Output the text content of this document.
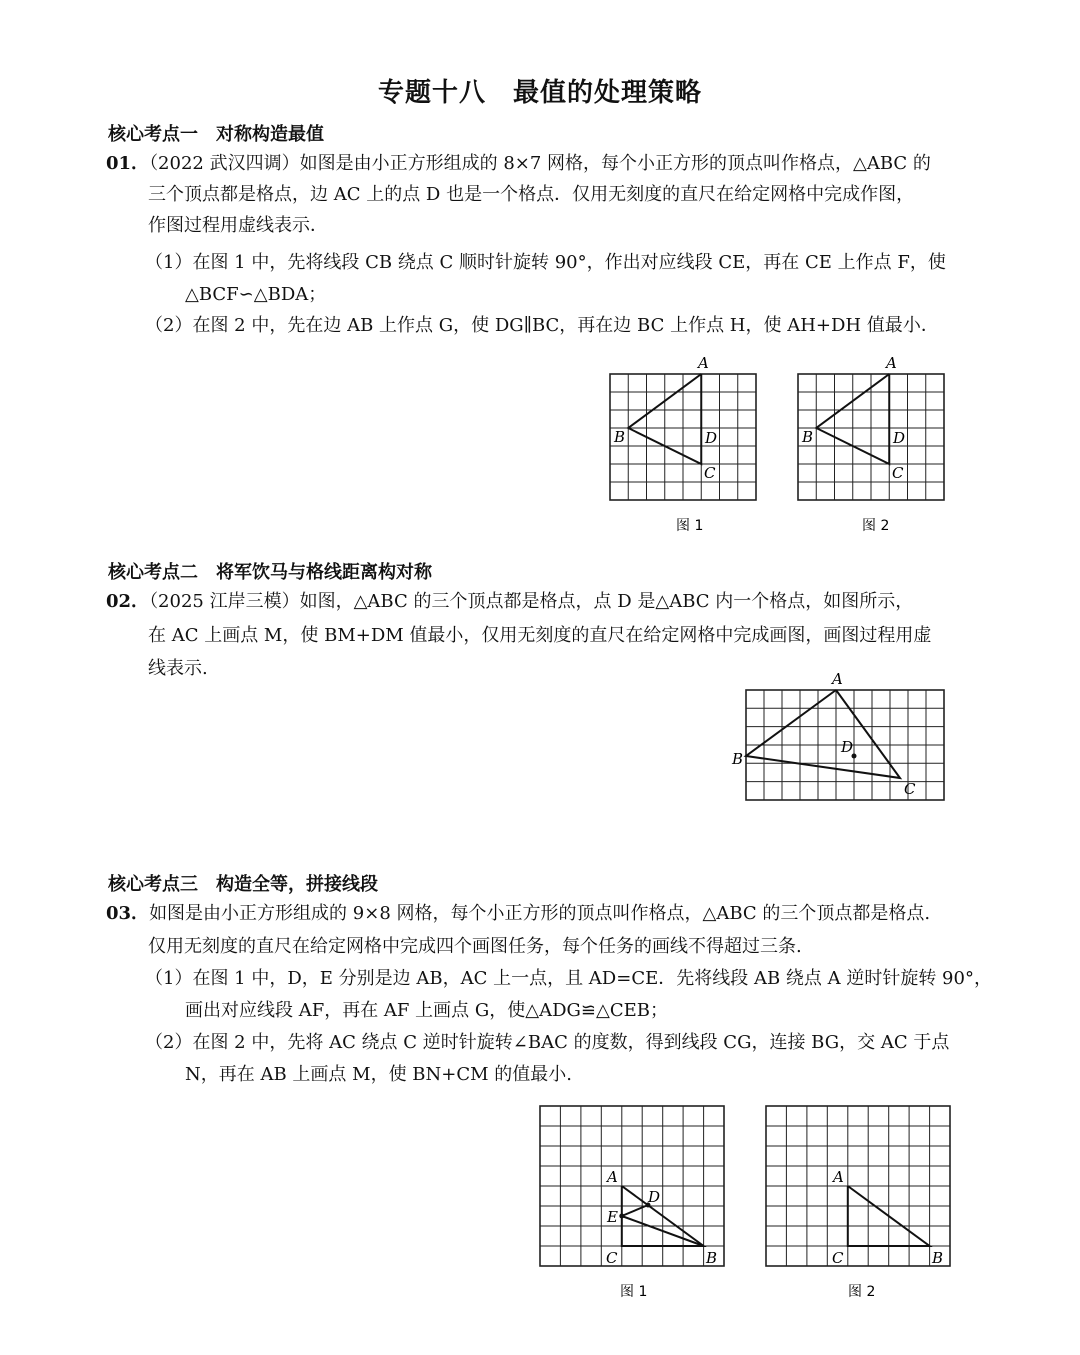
专题十八　最值的处理策略
核心考点一　对称构造最值
01．（2022 武汉四调）如图是由小正方形组成的 8×7 网格，每个小正方形的顶点叫作格点，△ABC 的
三个顶点都是格点，边 AC 上的点 D 也是一个格点．仅用无刻度的直尺在给定网格中完成作图，
作图过程用虚线表示．
（1）在图 1 中，先将线段 CB 绕点 C 顺时针旋转 90°，作出对应线段 CE，再在 CE 上作点 F，使
△BCF∽△BDA；
（2）在图 2 中，先在边 AB 上作点 G，使 DG∥BC，再在边 BC 上作点 H，使 AH+DH 值最小．
A
B
C
D
图 1
A
B
C
D
图 2
核心考点二　将军饮马与格线距离构对称
02．（2025 江岸三模）如图，△ABC 的三个顶点都是格点，点 D 是△ABC 内一个格点，如图所示，
在 AC 上画点 M，使 BM+DM 值最小，仅用无刻度的直尺在给定网格中完成画图，画图过程用虚
线表示.	A
B
C
D
核心考点三　构造全等，拼接线段
03．如图是由小正方形组成的 9×8 网格，每个小正方形的顶点叫作格点，△ABC 的三个顶点都是格点.
仅用无刻度的直尺在给定网格中完成四个画图任务，每个任务的画线不得超过三条.
（1）在图 1 中，D，E 分别是边 AB，AC 上一点，且 AD=CE．先将线段 AB 绕点 A 逆时针旋转 90°，
画出对应线段 AF，再在 AF 上画点 G，使△ADG≌△CEB；
（2）在图 2 中，先将 AC 绕点 C 逆时针旋转∠BAC 的度数，得到线段 CG，连接 BG，交 AC 于点
N，再在 AB 上画点 M，使 BN+CM 的值最小.
A
B
C
D
E
图 1
A
B
C
图 2
